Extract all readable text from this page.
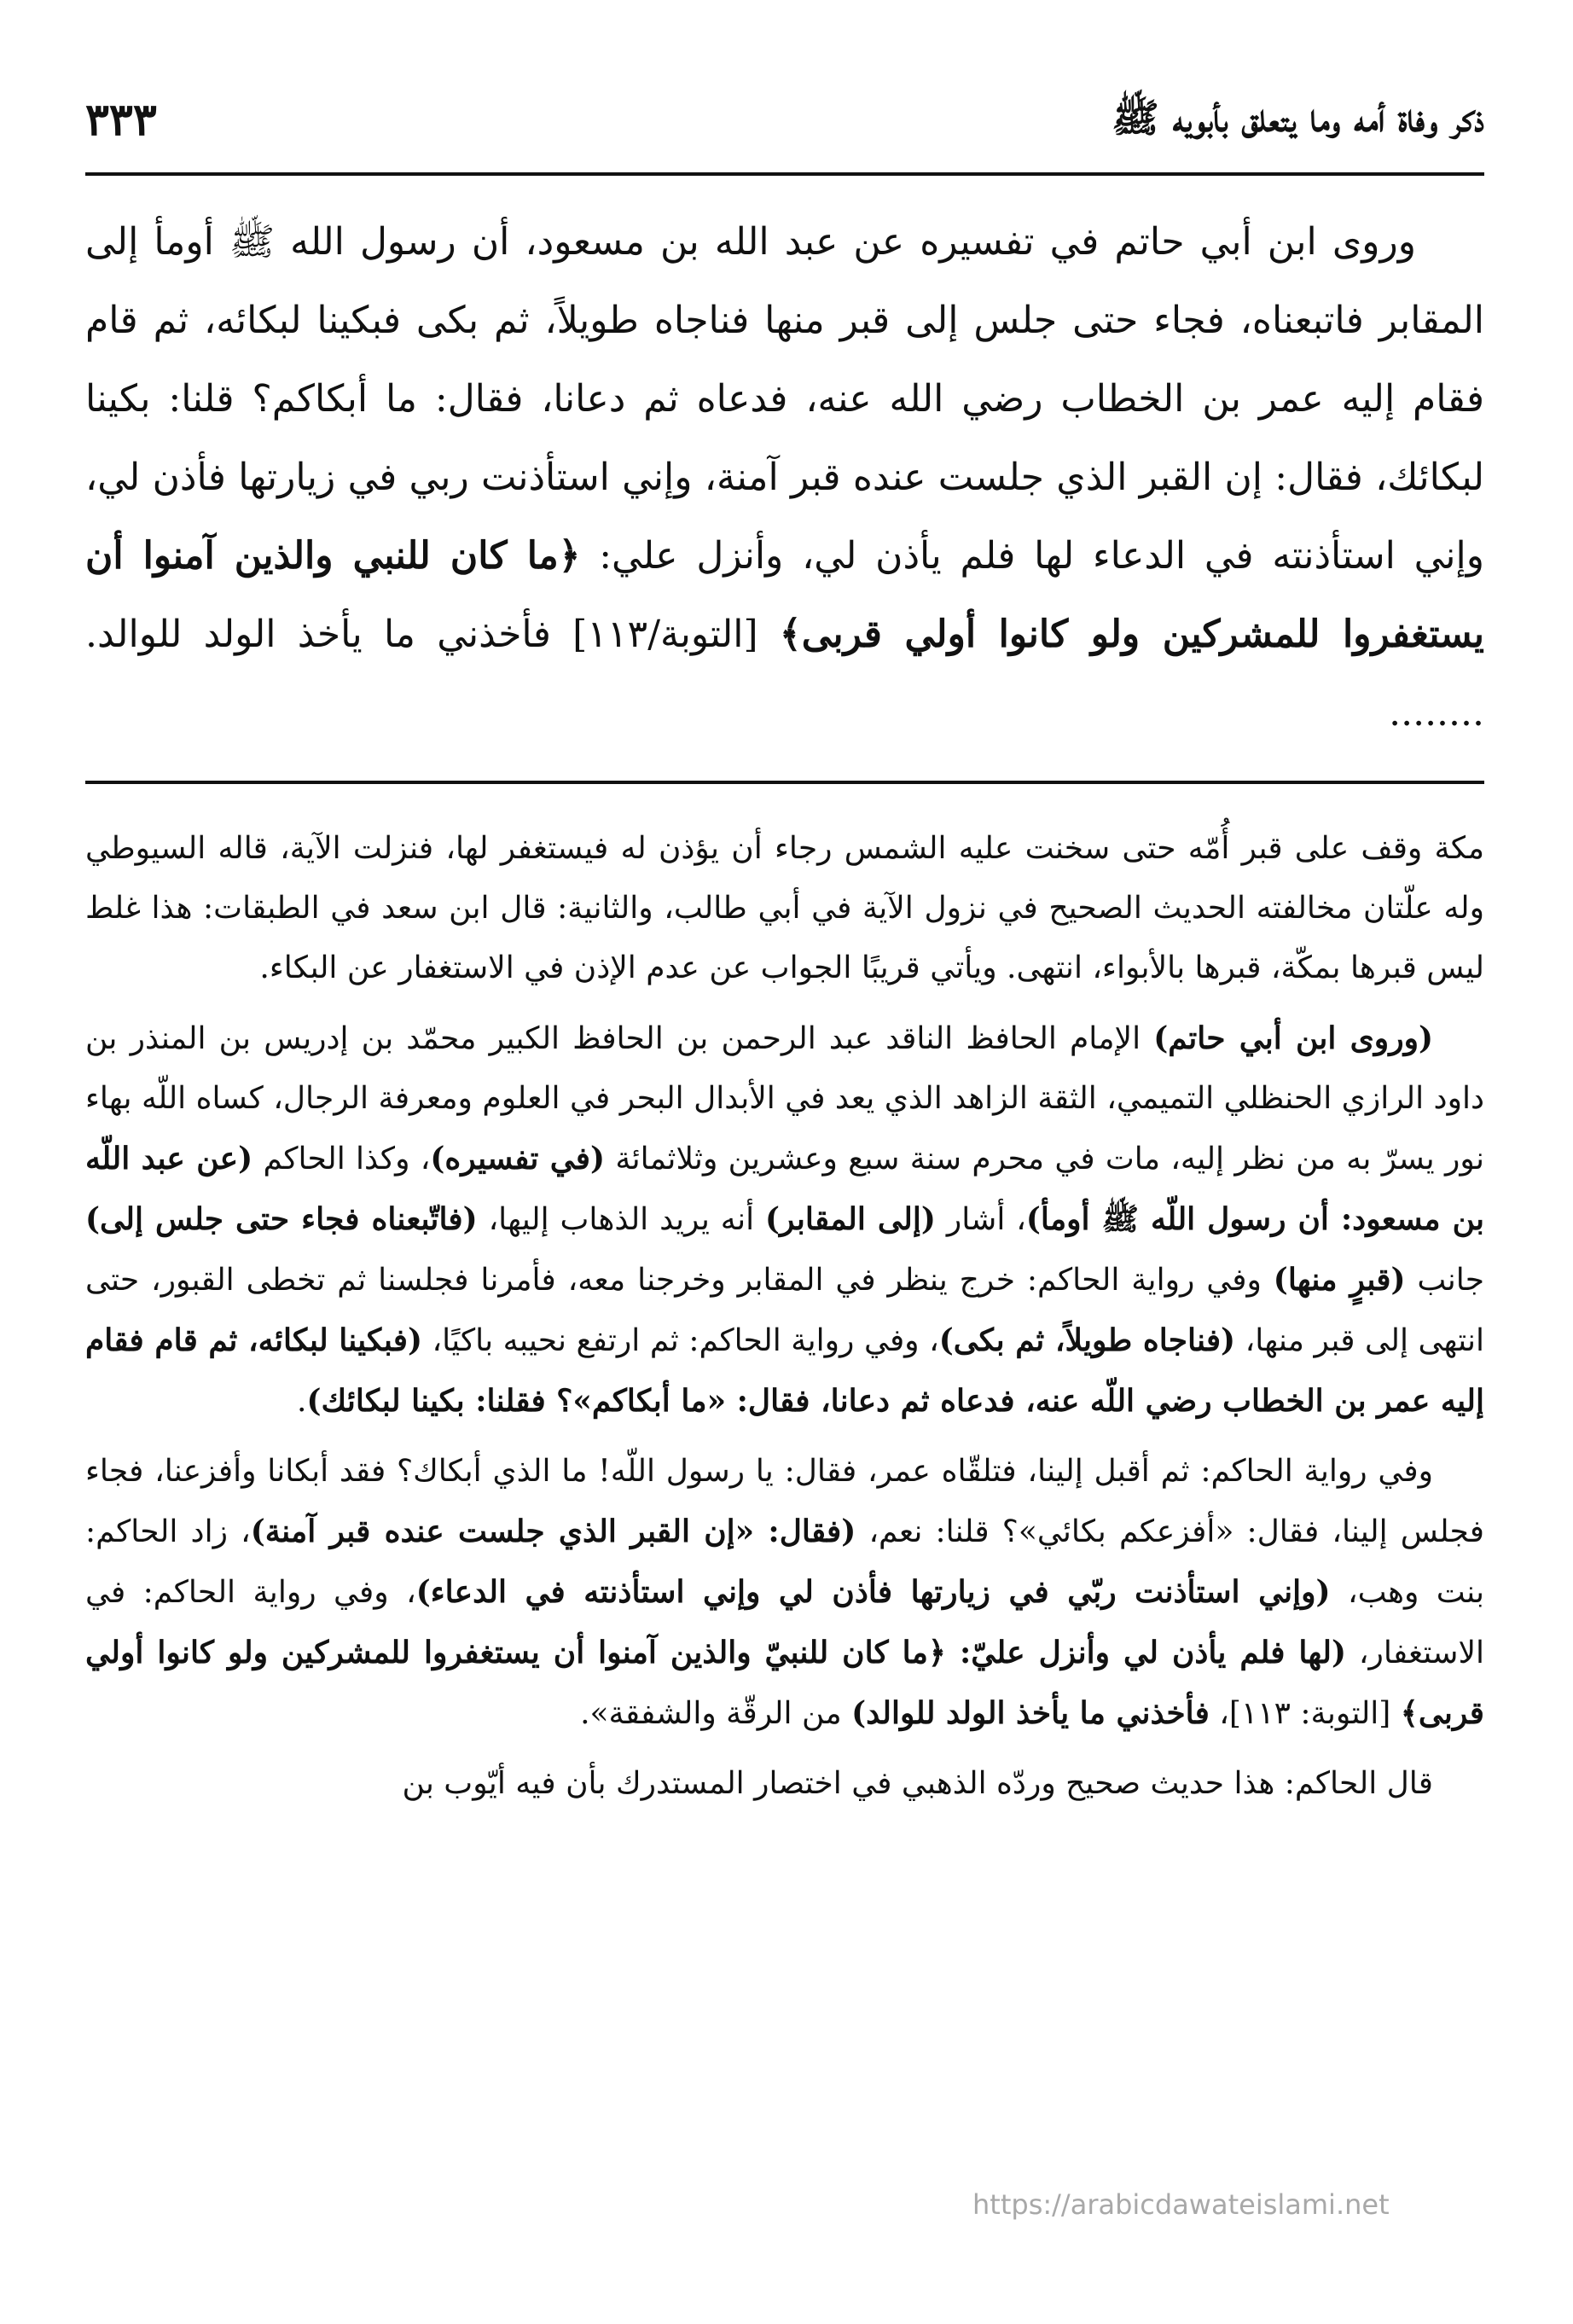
ذكر وفاة أمه وما يتعلق بأبويه ﷺ
٣٣٣

وروى ابن أبي حاتم في تفسيره عن عبد الله بن مسعود، أن رسول الله ﷺ أومأ إلى المقابر فاتبعناه، فجاء حتى جلس إلى قبر منها فناجاه طويلاً، ثم بكى فبكينا لبكائه، ثم قام فقام إليه عمر بن الخطاب رضي الله عنه، فدعاه ثم دعانا، فقال: ما أبكاكم؟ قلنا: بكينا لبكائك، فقال: إن القبر الذي جلست عنده قبر آمنة، وإني استأذنت ربي في زيارتها فأذن لي، وإني استأذنته في الدعاء لها فلم يأذن لي، وأنزل علي: ﴿ما كان للنبي والذين آمنوا أن يستغفروا للمشركين ولو كانوا أولي قربى﴾ [التوبة/١١٣] فأخذني ما يأخذ الولد للوالد. ........

مكة وقف على قبر أُمّه حتى سخنت عليه الشمس رجاء أن يؤذن له فيستغفر لها، فنزلت الآية، قاله السيوطي وله علّتان مخالفته الحديث الصحيح في نزول الآية في أبي طالب، والثانية: قال ابن سعد في الطبقات: هذا غلط ليس قبرها بمكّة، قبرها بالأبواء، انتهى. ويأتي قريبًا الجواب عن عدم الإذن في الاستغفار عن البكاء.

(وروى ابن أبي حاتم) الإمام الحافظ الناقد عبد الرحمن بن الحافظ الكبير محمّد بن إدريس بن المنذر بن داود الرازي الحنظلي التميمي، الثقة الزاهد الذي يعد في الأبدال البحر في العلوم ومعرفة الرجال، كساه اللّه بهاء نور يسرّ به من نظر إليه، مات في محرم سنة سبع وعشرين وثلاثمائة (في تفسيره)، وكذا الحاكم (عن عبد اللّه بن مسعود: أن رسول اللّه ﷺ أومأ)، أشار (إلى المقابر) أنه يريد الذهاب إليها، (فاتّبعناه فجاء حتى جلس إلى) جانب (قبرٍ منها) وفي رواية الحاكم: خرج ينظر في المقابر وخرجنا معه، فأمرنا فجلسنا ثم تخطى القبور، حتى انتهى إلى قبر منها، (فناجاه طويلاً، ثم بكى)، وفي رواية الحاكم: ثم ارتفع نحيبه باكيًا، (فبكينا لبكائه، ثم قام فقام إليه عمر بن الخطاب رضي اللّه عنه، فدعاه ثم دعانا، فقال: «ما أبكاكم»؟ فقلنا: بكينا لبكائك).

وفي رواية الحاكم: ثم أقبل إلينا، فتلقّاه عمر، فقال: يا رسول اللّه! ما الذي أبكاك؟ فقد أبكانا وأفزعنا، فجاء فجلس إلينا، فقال: «أفزعكم بكائي»؟ قلنا: نعم، (فقال: «إن القبر الذي جلست عنده قبر آمنة)، زاد الحاكم: بنت وهب، (وإني استأذنت ربّي في زيارتها فأذن لي وإني استأذنته في الدعاء)، وفي رواية الحاكم: في الاستغفار، (لها فلم يأذن لي وأنزل عليّ: ﴿ما كان للنبيّ والذين آمنوا أن يستغفروا للمشركين ولو كانوا أولي قربى﴾ [التوبة: ١١٣]، فأخذني ما يأخذ الولد للوالد) من الرقّة والشفقة».

قال الحاكم: هذا حديث صحيح وردّه الذهبي في اختصار المستدرك بأن فيه أيّوب بن

https://arabicdawateislami.net
